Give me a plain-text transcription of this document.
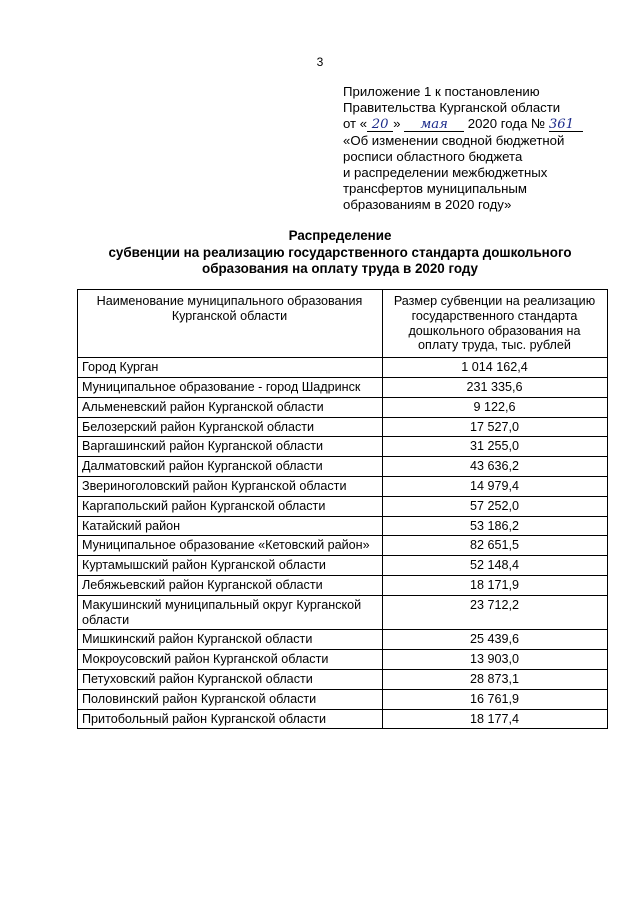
3
Приложение 1 к постановлению
Правительства Курганской области
от « 20 » мая 2020 года № 361
«Об изменении сводной бюджетной
росписи областного бюджета
и распределении межбюджетных
трансфертов муниципальным
образованиям в 2020 году»
Распределение
субвенции на реализацию государственного стандарта дошкольного
образования на оплату труда в 2020 году
Наименование муниципального образования Курганской области	Размер субвенции на реализацию государственного стандарта дошкольного образования на оплату труда, тыс. рублей
Город Курган	1 014 162,4
Муниципальное образование - город Шадринск	231 335,6
Альменевский район Курганской области	9 122,6
Белозерский район Курганской области	17 527,0
Варгашинский район Курганской области	31 255,0
Далматовский район Курганской области	43 636,2
Звериноголовский район Курганской области	14 979,4
Каргапольский район Курганской области	57 252,0
Катайский район	53 186,2
Муниципальное образование «Кетовский район»	82 651,5
Куртамышский район Курганской области	52 148,4
Лебяжьевский район Курганской области	18 171,9
Макушинский муниципальный округ Курганской области	23 712,2
Мишкинский район Курганской области	25 439,6
Мокроусовский район Курганской области	13 903,0
Петуховский район Курганской области	28 873,1
Половинский район Курганской области	16 761,9
Притобольный район Курганской области	18 177,4
